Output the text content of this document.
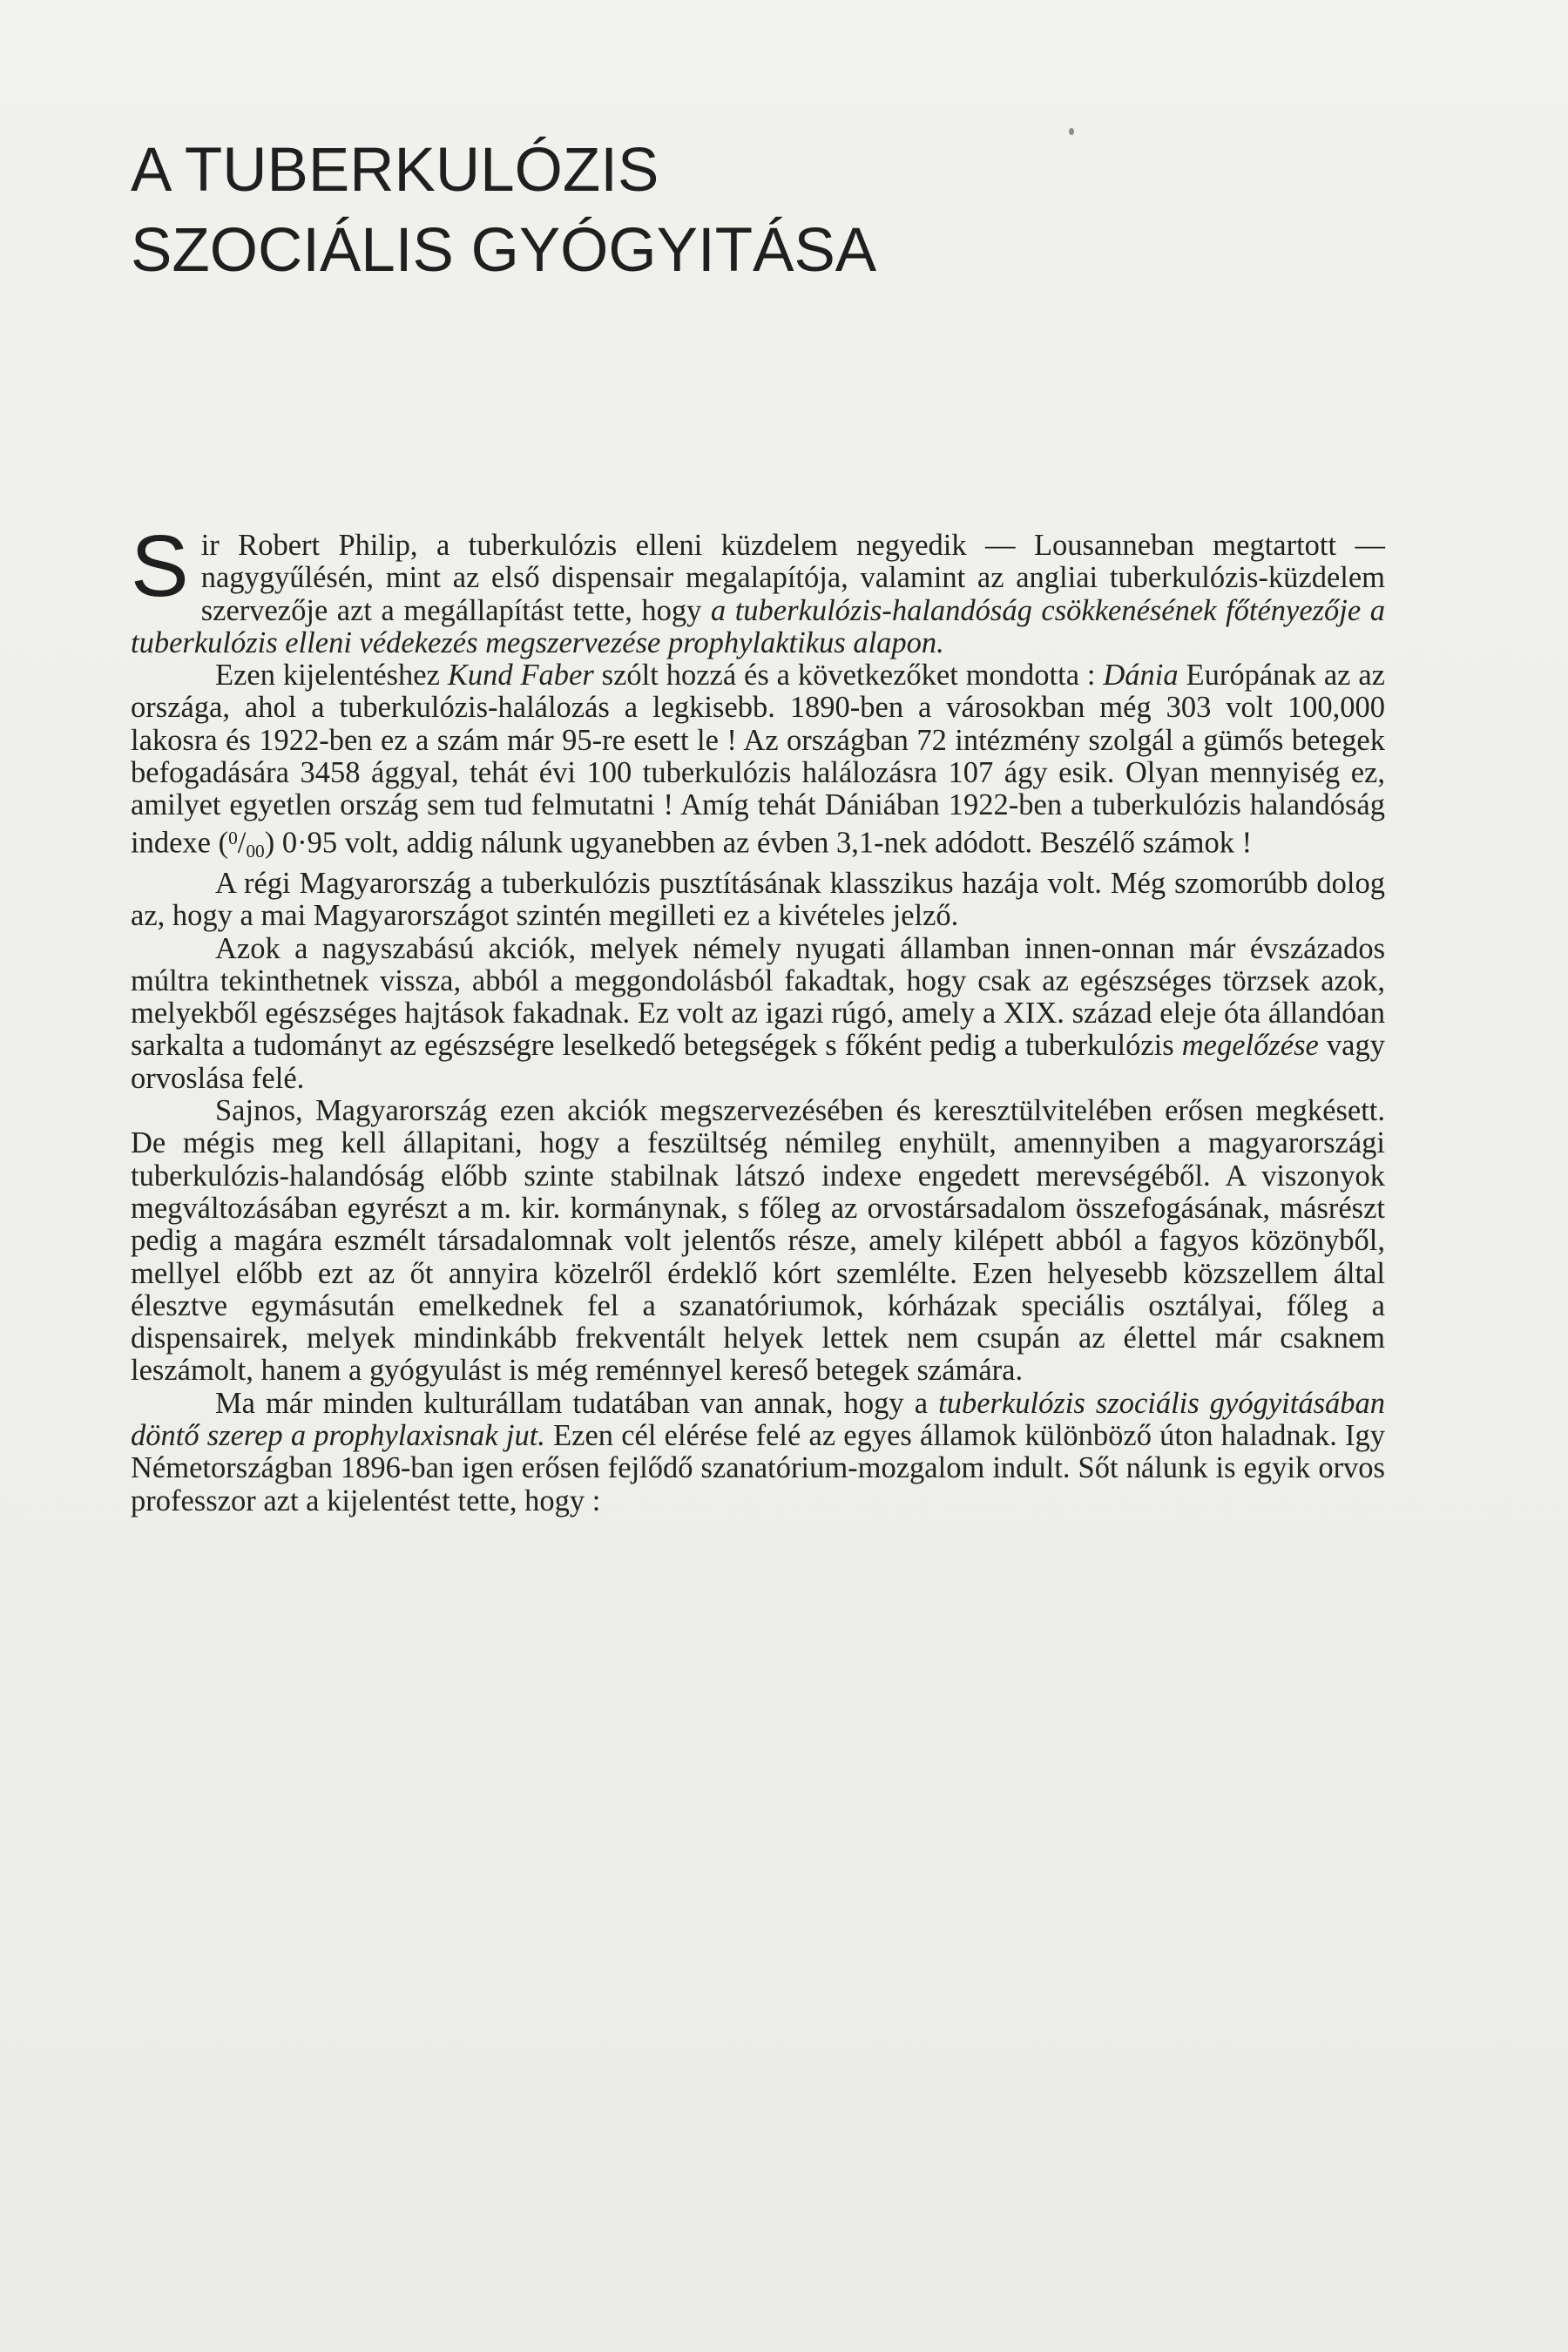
A TUBERKULÓZIS
SZOCIÁLIS GYÓGYITÁSA

Sir Robert Philip, a tuberkulózis elleni küzdelem negyedik — Lousanneban megtartott — nagygyűlésén, mint az első dispensair megalapítója, valamint az angliai tuberkulózis-küzdelem szervezője azt a megállapítást tette, hogy a tuberkulózis-halandóság csökkenésének főtényezője a tuberkulózis elleni védekezés megszervezése prophylaktikus alapon.

Ezen kijelentéshez Kund Faber szólt hozzá és a következőket mondotta : Dánia Európának az az országa, ahol a tuberkulózis-halálozás a legkisebb. 1890-ben a városokban még 303 volt 100,000 lakosra és 1922-ben ez a szám már 95-re esett le ! Az országban 72 intézmény szolgál a gümős betegek befogadására 3458 ággyal, tehát évi 100 tuberkulózis halálozásra 107 ágy esik. Olyan mennyiség ez, amilyet egyetlen ország sem tud felmutatni ! Amíg tehát Dániában 1922-ben a tuberkulózis halandóság indexe $(^0/_{00})$ 0·95 volt, addig nálunk ugyanebben az évben 3,1-nek adódott. Beszélő számok !

A régi Magyarország a tuberkulózis pusztításának klasszikus hazája volt. Még szomorúbb dolog az, hogy a mai Magyarországot szintén megilleti ez a kivételes jelző.

Azok a nagyszabású akciók, melyek némely nyugati államban innen-onnan már évszázados múltra tekinthetnek vissza, abból a meggondolásból fakadtak, hogy csak az egészséges törzsek azok, melyekből egészséges hajtások fakadnak. Ez volt az igazi rúgó, amely a XIX. század eleje óta állandóan sarkalta a tudományt az egészségre leselkedő betegségek s főként pedig a tuberkulózis megelőzése vagy orvoslása felé.

Sajnos, Magyarország ezen akciók megszervezésében és keresztülvitelében erősen megkésett. De mégis meg kell állapitani, hogy a feszültség némileg enyhült, amennyiben a magyarországi tuberkulózis-halandóság előbb szinte stabilnak látszó indexe engedett merevségéből. A viszonyok megváltozásában egyrészt a m. kir. kormánynak, s főleg az orvostársadalom összefogásának, másrészt pedig a magára eszmélt társadalomnak volt jelentős része, amely kilépett abból a fagyos közönyből, mellyel előbb ezt az őt annyira közelről érdeklő kórt szemlélte. Ezen helyesebb közszellem által élesztve egymásután emelkednek fel a szanatóriumok, kórházak speciális osztályai, főleg a dispensairek, melyek mindinkább frekventált helyek lettek nem csupán az élettel már csaknem leszámolt, hanem a gyógyulást is még reménnyel kereső betegek számára.

Ma már minden kulturállam tudatában van annak, hogy a tuberkulózis szociális gyógyitásában döntő szerep a prophylaxisnak jut. Ezen cél elérése felé az egyes államok különböző úton haladnak. Igy Németországban 1896-ban igen erősen fejlődő szanatórium-mozgalom indult. Sőt nálunk is egyik orvos professzor azt a kijelentést tette, hogy :
